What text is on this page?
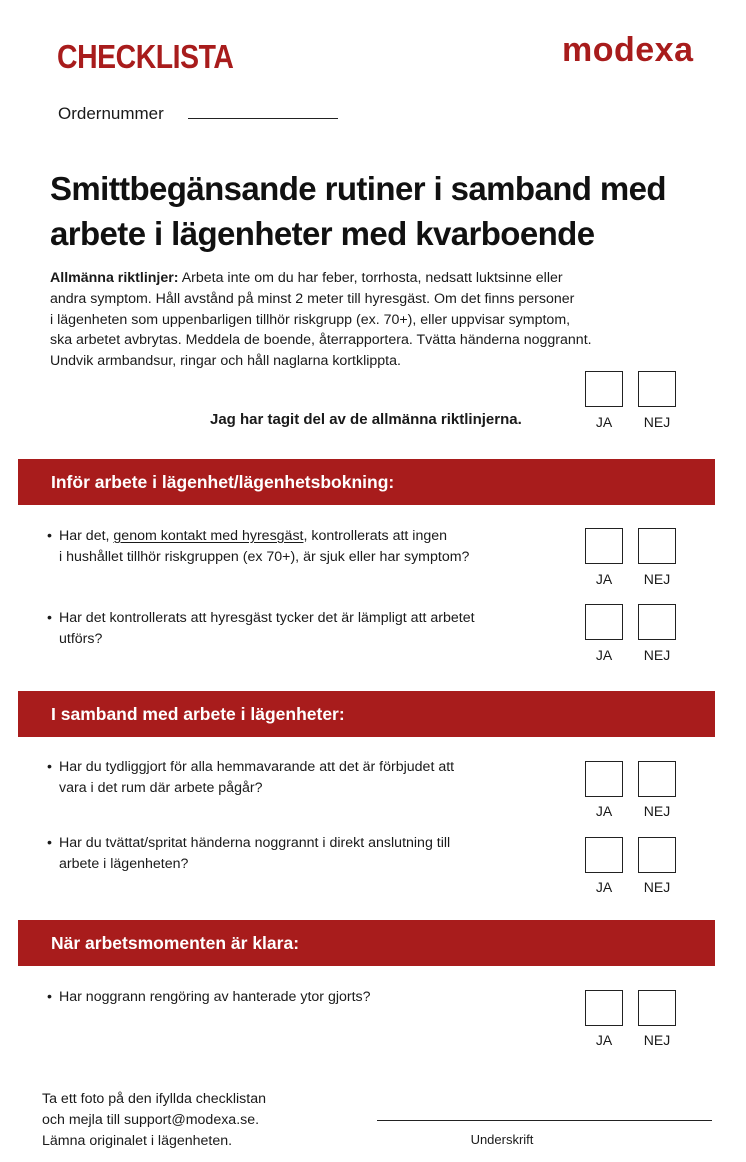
CHECKLISTA	modexa
Ordernummer
Smittbegänsande rutiner i samband med arbete i lägenheter med kvarboende
Allmänna riktlinjer: Arbeta inte om du har feber, torrhosta, nedsatt luktsinne eller
andra symptom. Håll avstånd på minst 2 meter till hyresgäst. Om det finns personer
i lägenheten som uppenbarligen tillhör riskgrupp (ex. 70+), eller uppvisar symptom,
ska arbetet avbrytas. Meddela de boende, återrapportera. Tvätta händerna noggrannt.
Undvik armbandsur, ringar och håll naglarna kortklippta.
Jag har tagit del av de allmänna riktlinjerna.	JA	NEJ
Inför arbete i lägenhet/lägenhetsbokning:
• Har det, genom kontakt med hyresgäst, kontrollerats att ingen
i hushållet tillhör riskgruppen (ex 70+), är sjuk eller har symptom?
JA	NEJ
• Har det kontrollerats att hyresgäst tycker det är lämpligt att arbetet
utförs?
JA	NEJ
I samband med arbete i lägenheter:
• Har du tydliggjort för alla hemmavarande att det är förbjudet att
vara i det rum där arbete pågår?
JA	NEJ
• Har du tvättat/spritat händerna noggrannt i direkt anslutning till
arbete i lägenheten?
JA	NEJ
När arbetsmomenten är klara:
• Har noggrann rengöring av hanterade ytor gjorts?
JA	NEJ
Ta ett foto på den ifyllda checklistan
och mejla till support@modexa.se.
Lämna originalet i lägenheten.	Underskrift
